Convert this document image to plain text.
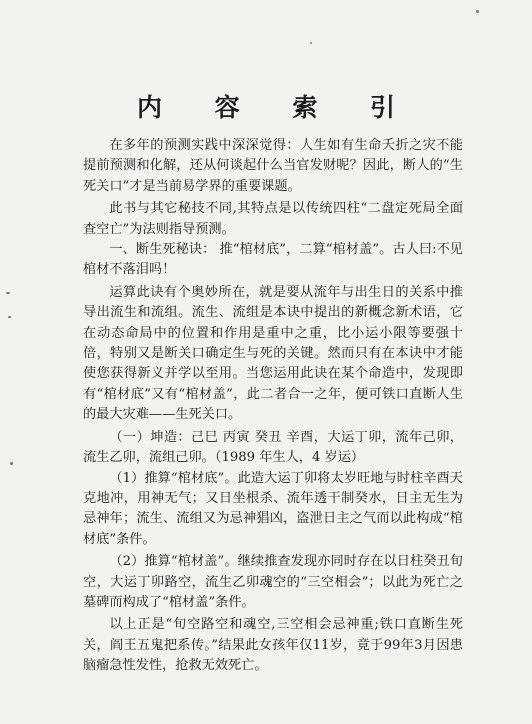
内 容 索 引

在多年的预测实践中深深觉得：人生如有生命夭折之灾不能提前预测和化解，还从何谈起什么当官发财呢？因此，断人的“生死关口”才是当前易学界的重要课题。

此书与其它秘技不同,其特点是以传统四柱“二盘定死局全面查空亡”为法则指导预测。

一、断生死秘诀： 推“棺材底”，二算“棺材盖”。古人曰:不见棺材不落泪吗！

运算此诀有个奥妙所在，就是要从流年与出生日的关系中推导出流生和流组。流生、流组是本诀中提出的新概念新术语，它在动态命局中的位置和作用是重中之重，比小运小限等要强十倍，特别又是断关口确定生与死的关键。然而只有在本诀中才能使您获得新义并学以至用。当您运用此诀在某个命造中，发现即有“棺材底”又有“棺材盖”，此二者合一之年，便可铁口直断人生的最大灾难——生死关口。

（一）坤造：己巳 丙寅 癸丑 辛酉，大运丁卯，流年己卯，流生乙卯，流组己卯。（1989 年生人，4 岁运）

（1）推算“棺材底”。此造大运丁卯将太岁旺地与时柱辛酉天克地冲，用神无气；又日坐根杀、流年透干制癸水，日主无生为忌神年；流生、流组又为忌神猖凶，盗泄日主之气而以此构成“棺材底”条件。

（2）推算“棺材盖”。继续推查发现亦同时存在以日柱癸丑旬空，大运丁卯路空，流生乙卯魂空的“三空相会”；以此为死亡之墓碑而构成了“棺材盖”条件。

以上正是“旬空路空和魂空,三空相会忌神重;铁口直断生死关，阎王五鬼把系传。”结果此女孩年仅11岁，竟于99年3月因患脑瘤急性发性，抢救无效死亡。
